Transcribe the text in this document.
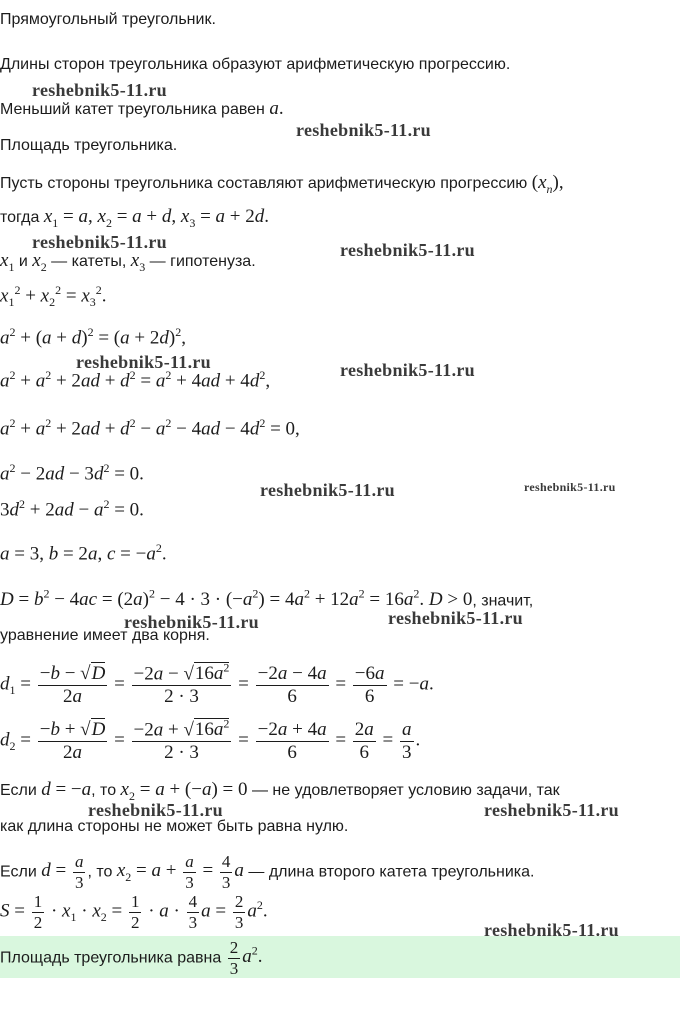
Прямоугольный треугольник.
Длины сторон треугольника образуют арифметическую прогрессию.
Меньший катет треугольника равен a.
Площадь треугольника.
Пусть стороны треугольника составляют арифметическую прогрессию $(x_n)$,
тогда $x_1 = a$, $x_2 = a + d$, $x_3 = a + 2d$.
$x_1$ и $x_2$ — катеты, $x_3$ — гипотенуза.
$x_1^2 + x_2^2 = x_3^2$.
$a^2 + (a + d)^2 = (a + 2d)^2$,
$a^2 + a^2 + 2ad + d^2 = a^2 + 4ad + 4d^2$,
$a^2 + a^2 + 2ad + d^2 - a^2 - 4ad - 4d^2 = 0$,
$a^2 - 2ad - 3d^2 = 0$.
$3d^2 + 2ad - a^2 = 0$.
a = 3, b = 2a, $c = -a^2$.
$D = b^2 - 4ac = (2a)^2 - 4 \cdot 3 \cdot (-a^2) = 4a^2 + 12a^2 = 16a^2$. D > 0, значит,
уравнение имеет два корня.
$d_1 = \frac{-b - √D}{2a} = \frac{-2a - √16a^2}{2 \cdot 3} = \frac{-2a - 4a}{6} = \frac{-6a}{6} = -a$.
$d_2 = \frac{-b + √D}{2a} = \frac{-2a + √16a^2}{2 \cdot 3} = \frac{-2a + 4a}{6} = \frac{2a}{6} = \frac{a}{3}$ .
Если d = −a, то $x_2 = a + (-a) = 0$ — не удовлетворяет условию задачи, так
как длина стороны не может быть равна нулю.
Если $d = \frac{a}{3}$ , то $x_2 = a + \frac{a}{3} = \frac{4}{3}$ a — длина второго катета треугольника.
$S = \frac{1}{2} \cdot x_1 \cdot x_2 = \frac{1}{2} \cdot a \cdot \frac{4}{3}$ $a = \frac{2}{3} a^2$.
Площадь треугольника равна $\frac{2}{3} a^2$.
reshebnik5-11.ru
reshebnik5-11.ru
reshebnik5-11.ru	reshebnik5-11.ru
reshebnik5-11.ru	reshebnik5-11.ru
reshebnik5-11.ru	reshebnik5-11.ru
reshebnik5-11.ru	reshebnik5-11.ru
reshebnik5-11.ru	reshebnik5-11.ru
reshebnik5-11.ru
